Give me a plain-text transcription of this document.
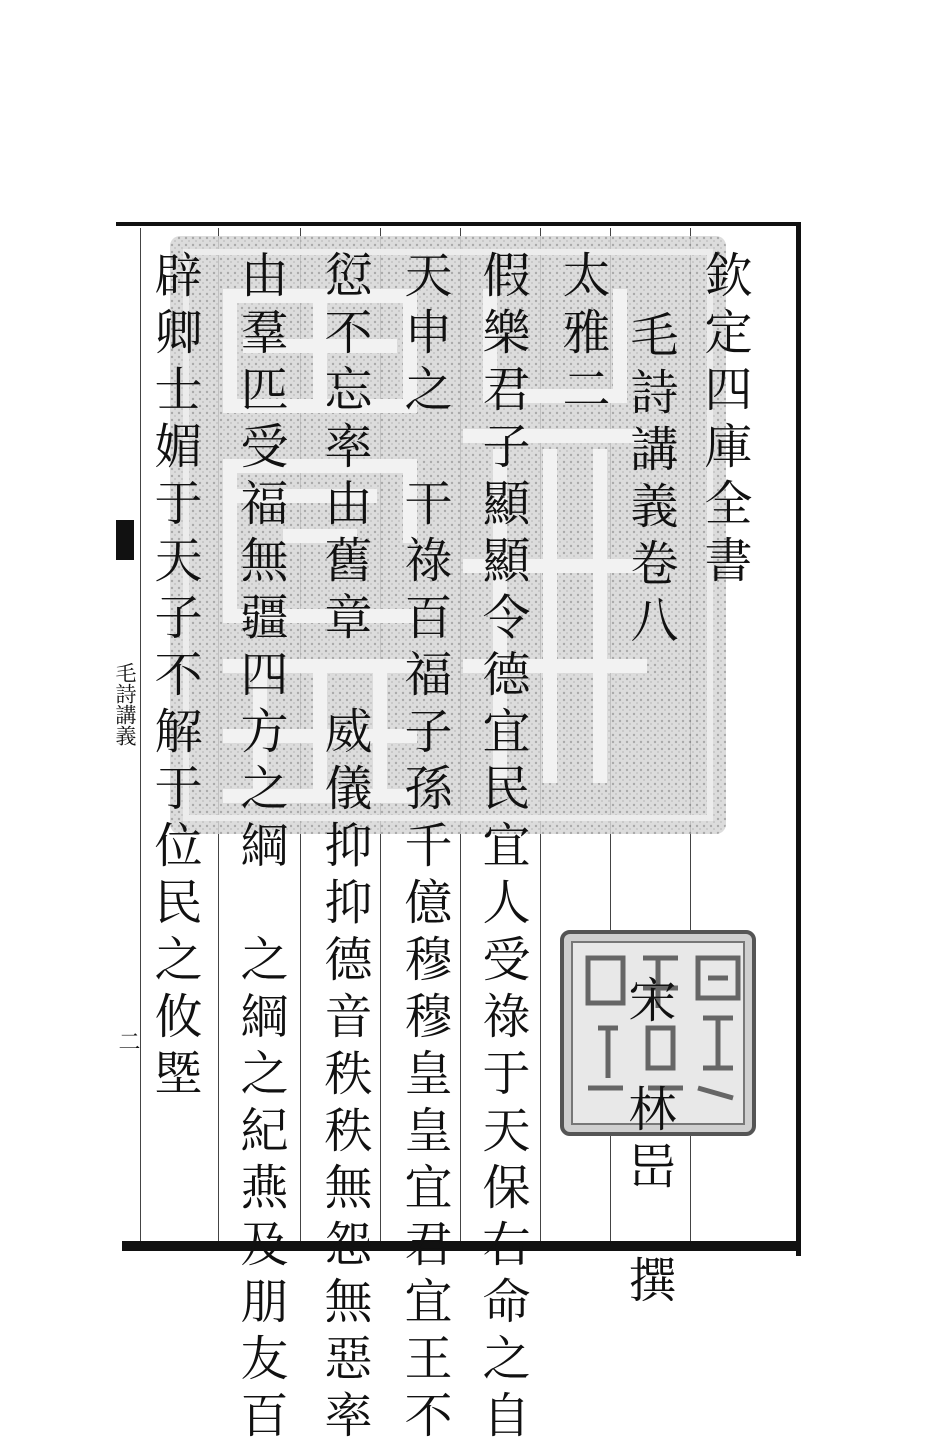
毛詩講義
二
欽定四庫全書
毛詩講義卷八
宋林岊　撰
太雅二
假樂君子顯顯令德宜民宜人受祿于天保右命之自
天申之　干祿百福子孫千億穆穆皇皇宜君宜王不
愆不忘率由舊章　威儀抑抑德音秩秩無怨無惡率
由羣匹受福無疆四方之綱　之綱之紀燕及朋友百
辟卿士媚于天子不解于位民之攸塈
